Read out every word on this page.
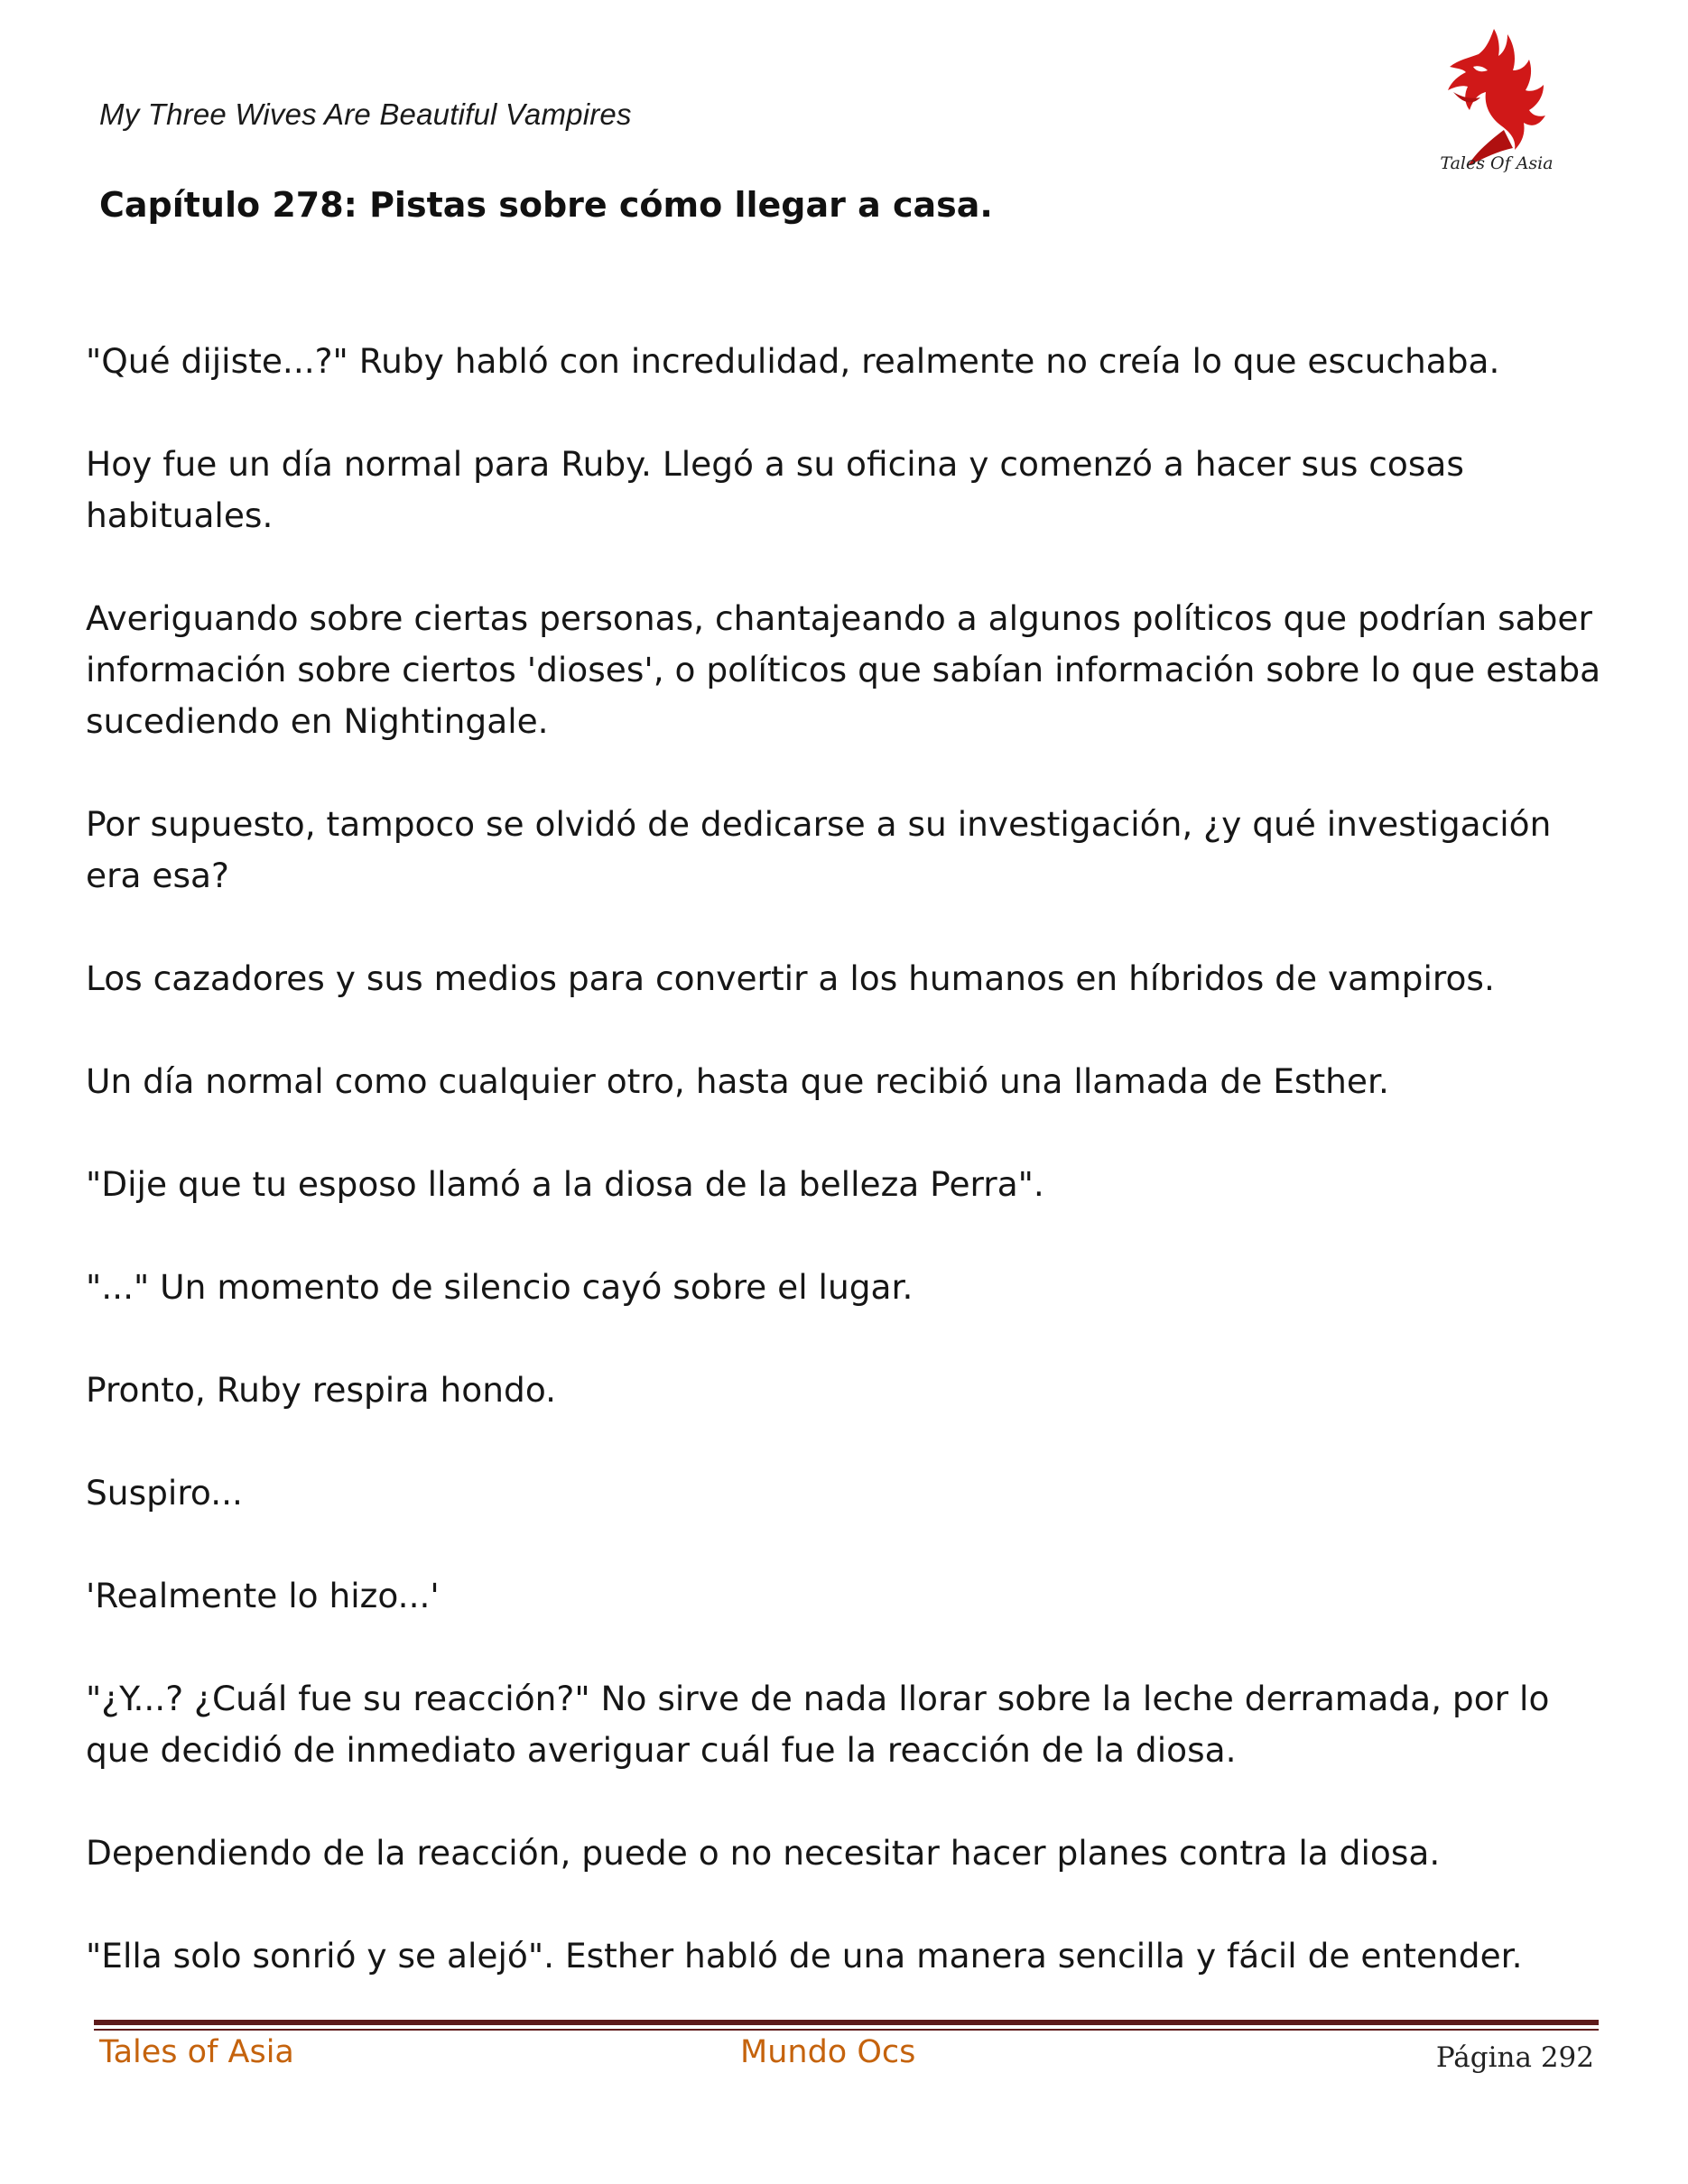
My Three Wives Are Beautiful Vampires
Tales Of Asia
Capítulo 278: Pistas sobre cómo llegar a casa.

"Qué dijiste...?" Ruby habló con incredulidad, realmente no creía lo que escuchaba.

Hoy fue un día normal para Ruby. Llegó a su oficina y comenzó a hacer sus cosas habituales.

Averiguando sobre ciertas personas, chantajeando a algunos políticos que podrían saber información sobre ciertos 'dioses', o políticos que sabían información sobre lo que estaba sucediendo en Nightingale.

Por supuesto, tampoco se olvidó de dedicarse a su investigación, ¿y qué investigación era esa?

Los cazadores y sus medios para convertir a los humanos en híbridos de vampiros.

Un día normal como cualquier otro, hasta que recibió una llamada de Esther.

"Dije que tu esposo llamó a la diosa de la belleza Perra".

"..." Un momento de silencio cayó sobre el lugar.

Pronto, Ruby respira hondo.

Suspiro...

'Realmente lo hizo...'

"¿Y...? ¿Cuál fue su reacción?" No sirve de nada llorar sobre la leche derramada, por lo que decidió de inmediato averiguar cuál fue la reacción de la diosa.

Dependiendo de la reacción, puede o no necesitar hacer planes contra la diosa.

"Ella solo sonrió y se alejó". Esther habló de una manera sencilla y fácil de entender.

Tales of Asia	Mundo Ocs	Página 292
